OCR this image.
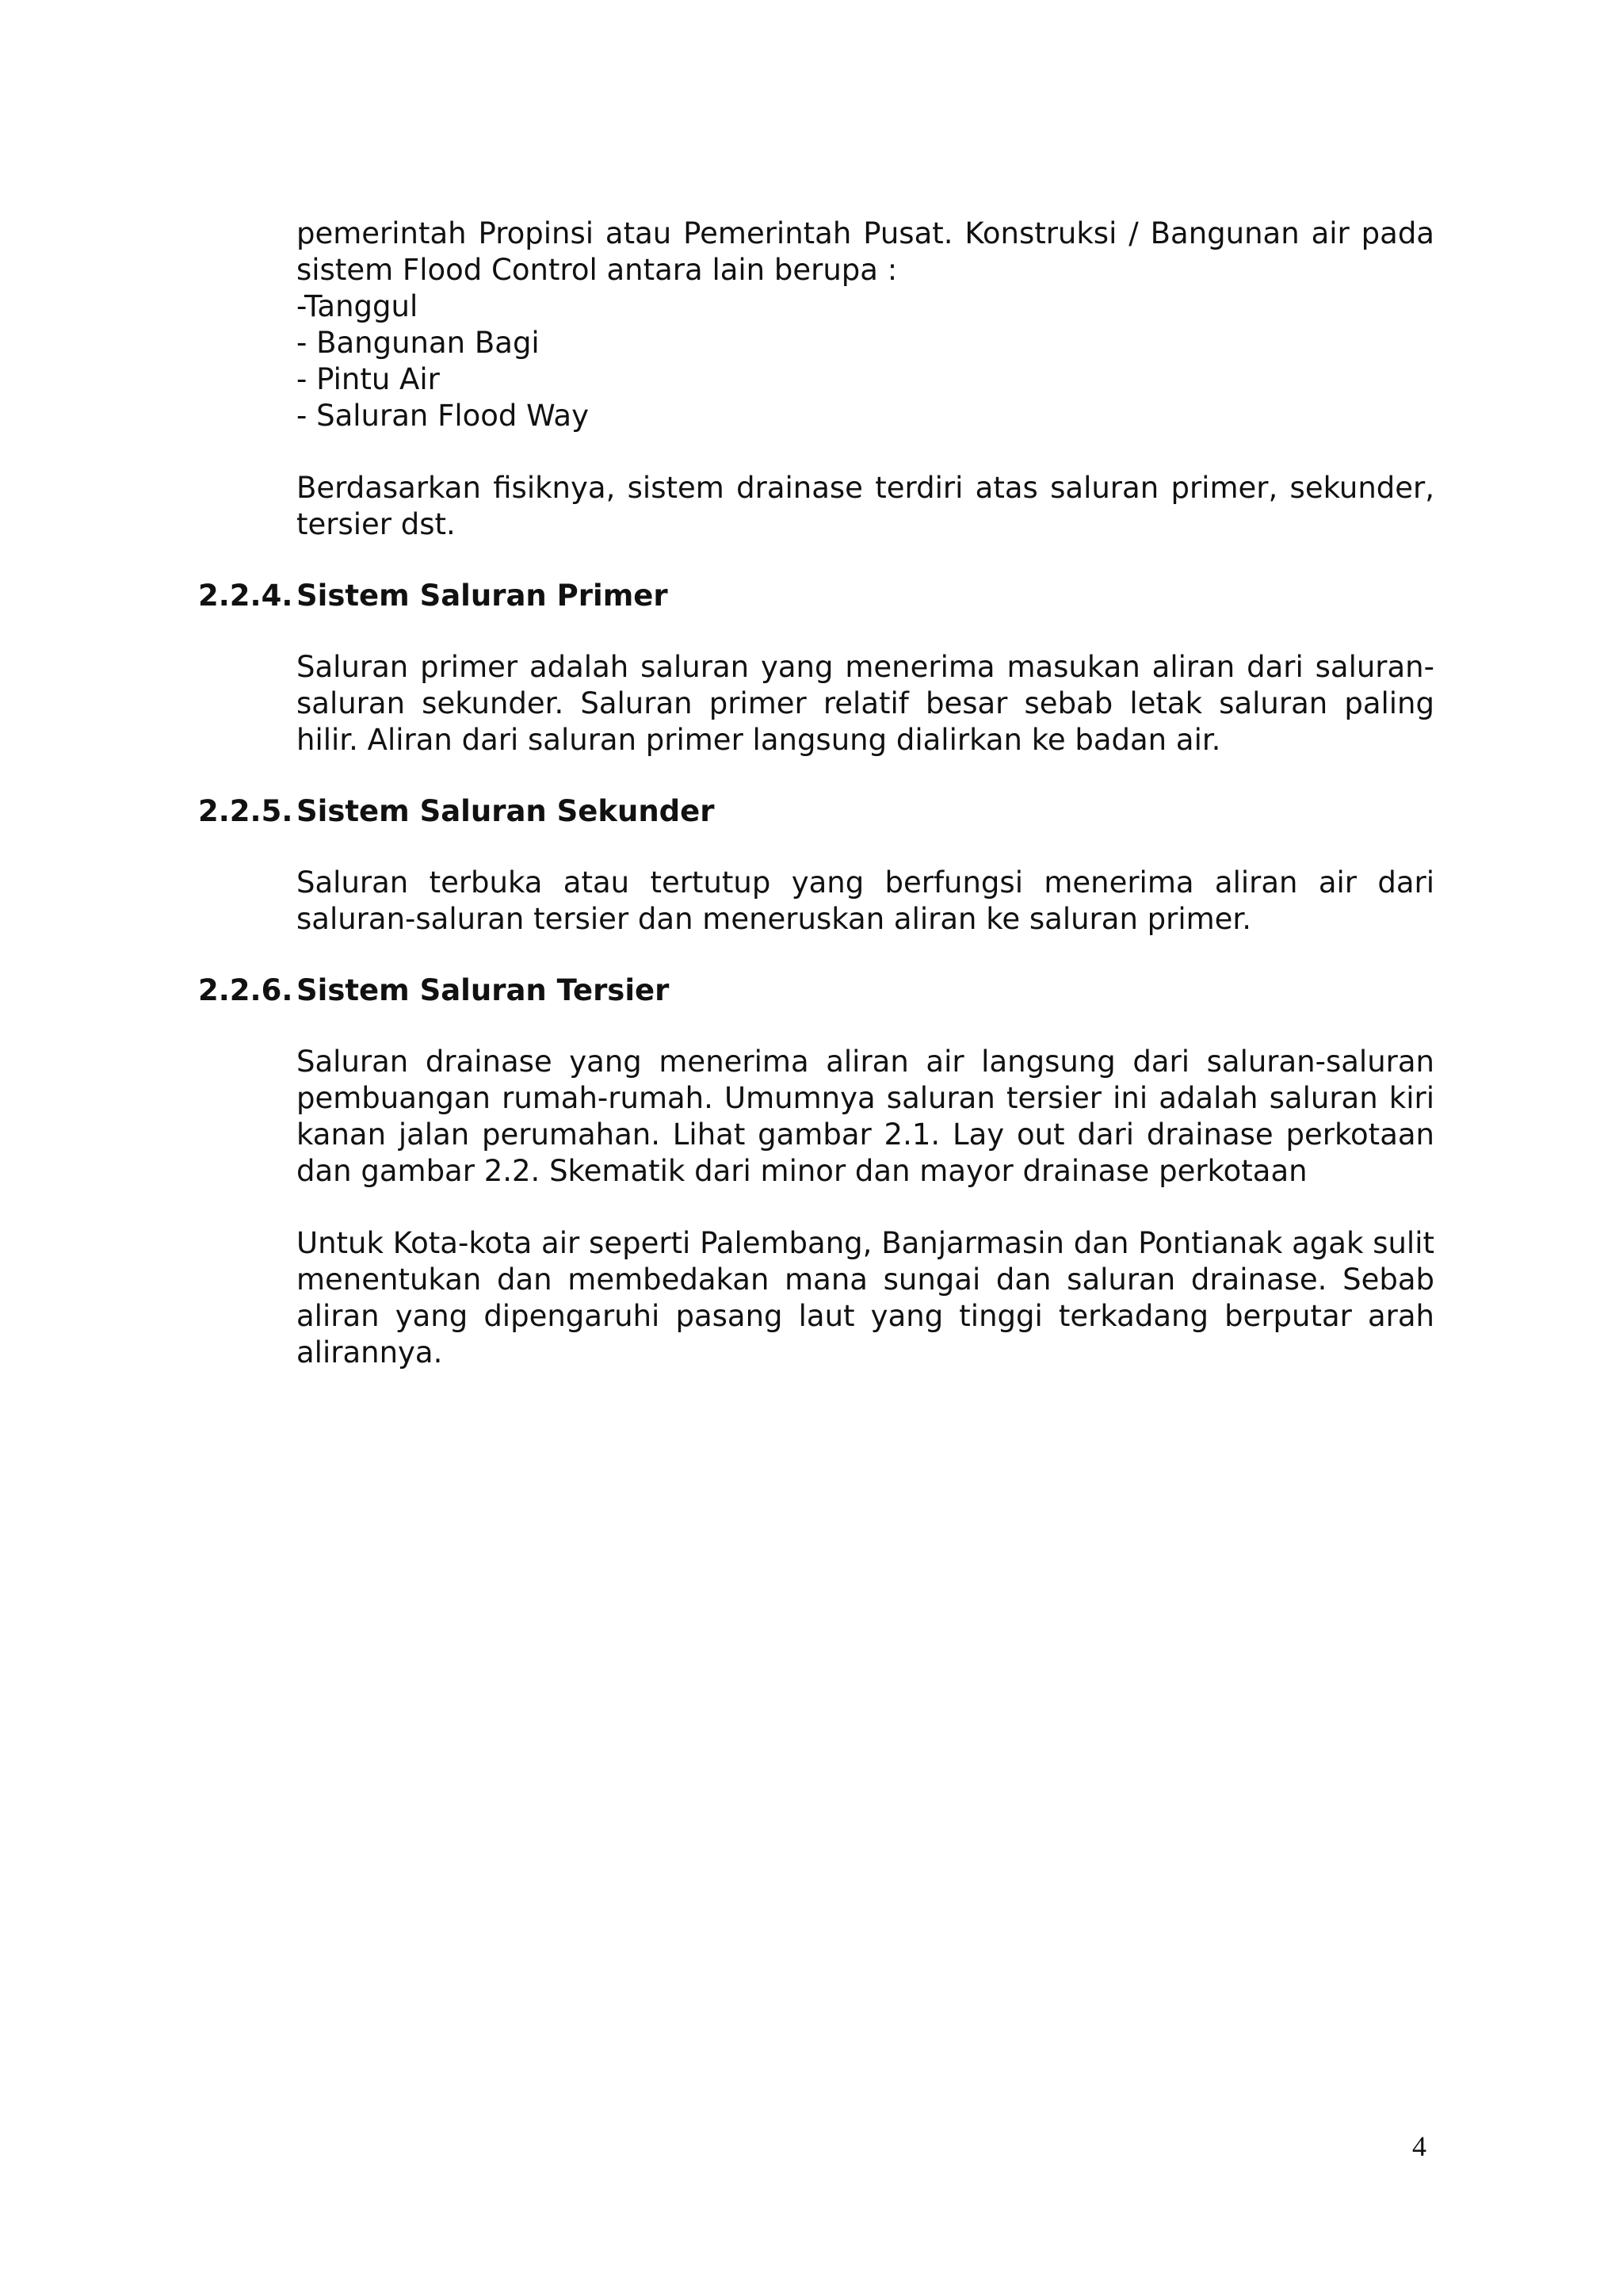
pemerintah Propinsi atau Pemerintah Pusat. Konstruksi / Bangunan air pada sistem Flood Control antara lain berupa :

-Tanggul
- Bangunan Bagi
- Pintu Air
- Saluran Flood Way

Berdasarkan fisiknya, sistem drainase terdiri atas saluran primer, sekunder, tersier dst.

2.2.4. Sistem Saluran Primer

Saluran primer adalah saluran yang menerima masukan aliran dari saluran-saluran sekunder. Saluran primer relatif besar sebab letak saluran paling hilir. Aliran dari saluran primer langsung dialirkan ke badan air.

2.2.5. Sistem Saluran Sekunder

Saluran terbuka atau tertutup yang berfungsi menerima aliran air dari saluran-saluran tersier dan meneruskan aliran ke saluran primer.

2.2.6. Sistem Saluran Tersier

Saluran drainase yang menerima aliran air langsung dari saluran-saluran pembuangan rumah-rumah. Umumnya saluran tersier ini adalah saluran kiri kanan jalan perumahan. Lihat gambar 2.1. Lay out dari drainase perkotaan dan gambar 2.2. Skematik dari minor dan mayor drainase perkotaan

Untuk Kota-kota air seperti Palembang, Banjarmasin dan Pontianak agak sulit menentukan dan membedakan mana sungai dan saluran drainase. Sebab aliran yang dipengaruhi pasang laut yang tinggi terkadang berputar arah alirannya.

4
